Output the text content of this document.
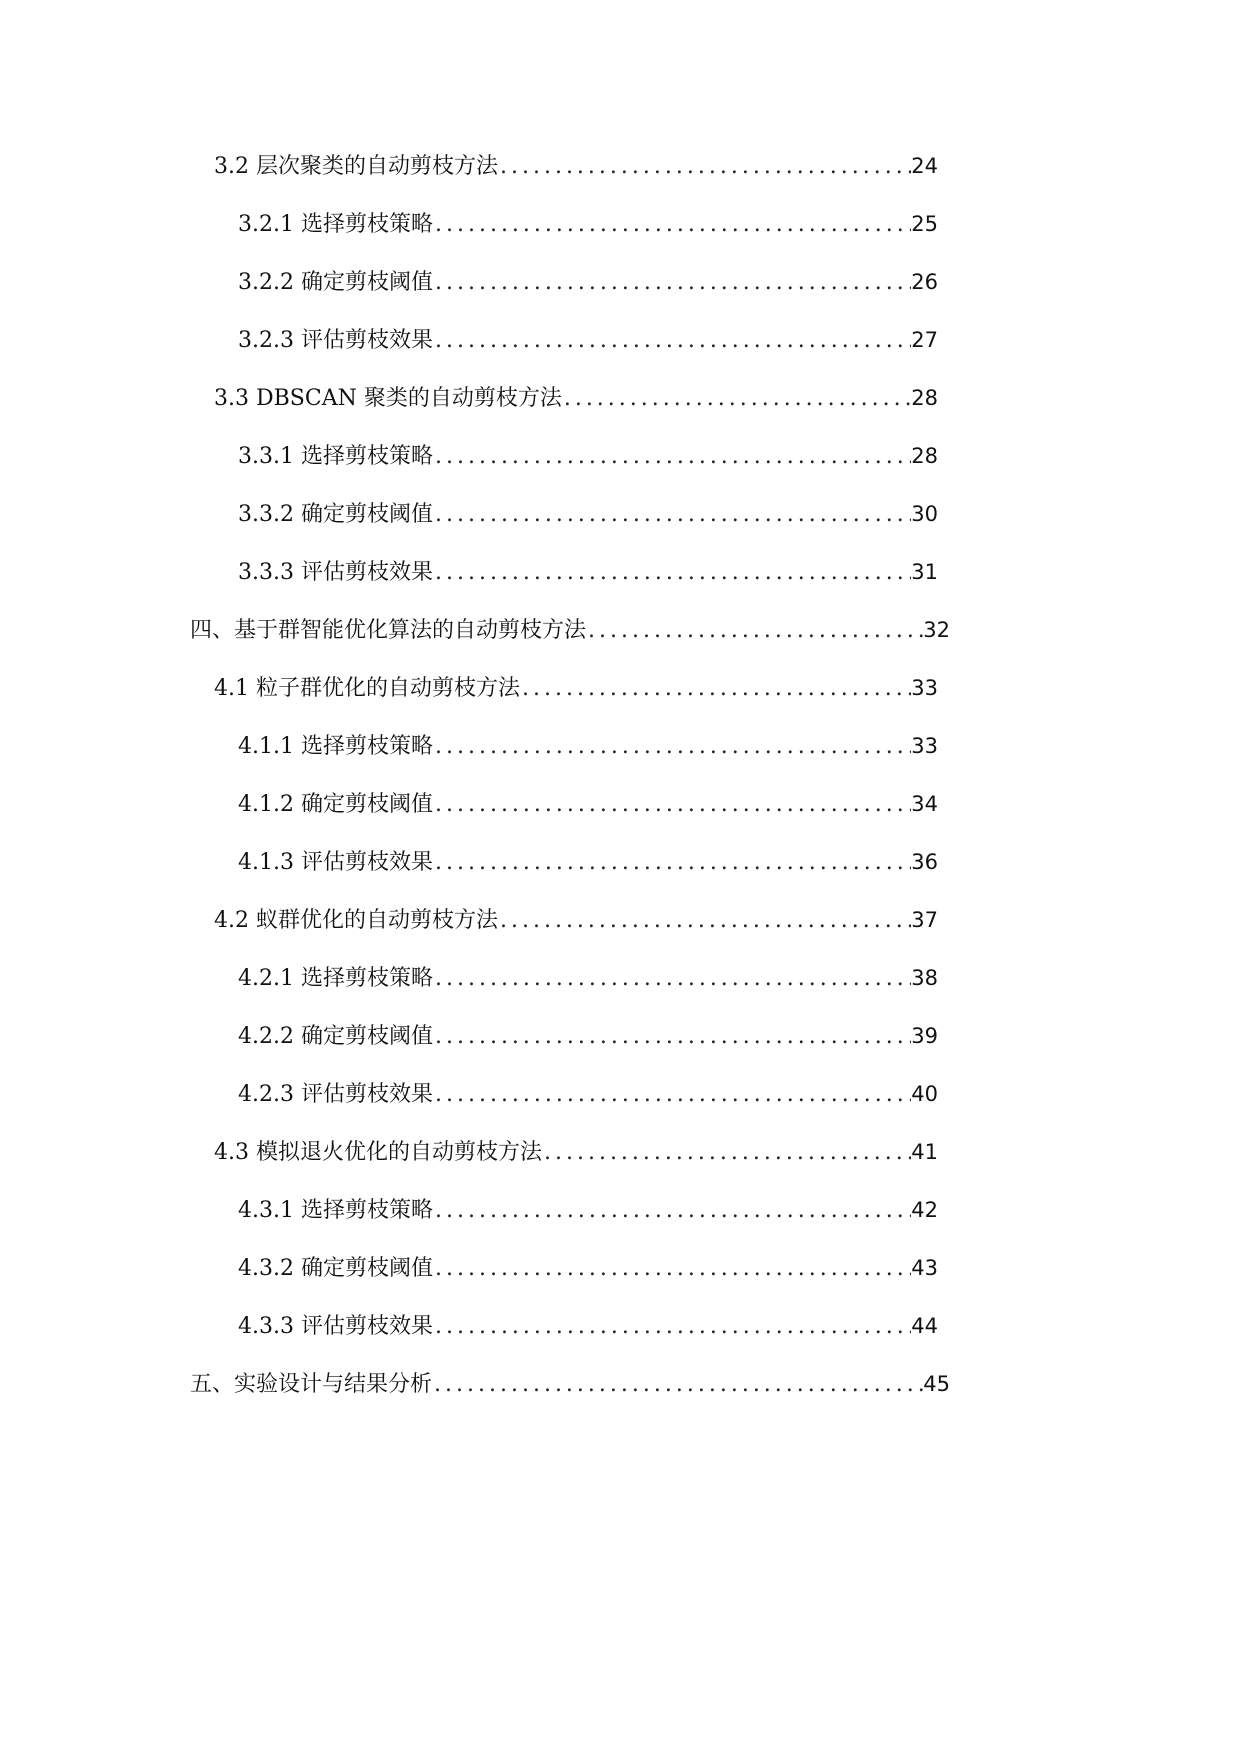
3.2 层次聚类的自动剪枝方法 .....	24
3.2.1 选择剪枝策略 .....	25
3.2.2 确定剪枝阈值 .....	26
3.2.3 评估剪枝效果 .....	27
3.3 DBSCAN 聚类的自动剪枝方法 .....	28
3.3.1 选择剪枝策略 .....	28
3.3.2 确定剪枝阈值 .....	30
3.3.3 评估剪枝效果 .....	31
四、基于群智能优化算法的自动剪枝方法 .....	32
4.1 粒子群优化的自动剪枝方法 .....	33
4.1.1 选择剪枝策略 .....	33
4.1.2 确定剪枝阈值 .....	34
4.1.3 评估剪枝效果 .....	36
4.2 蚁群优化的自动剪枝方法 .....	37
4.2.1 选择剪枝策略 .....	38
4.2.2 确定剪枝阈值 .....	39
4.2.3 评估剪枝效果 .....	40
4.3 模拟退火优化的自动剪枝方法 .....	41
4.3.1 选择剪枝策略 .....	42
4.3.2 确定剪枝阈值 .....	43
4.3.3 评估剪枝效果 .....	44
五、实验设计与结果分析 .....	45
